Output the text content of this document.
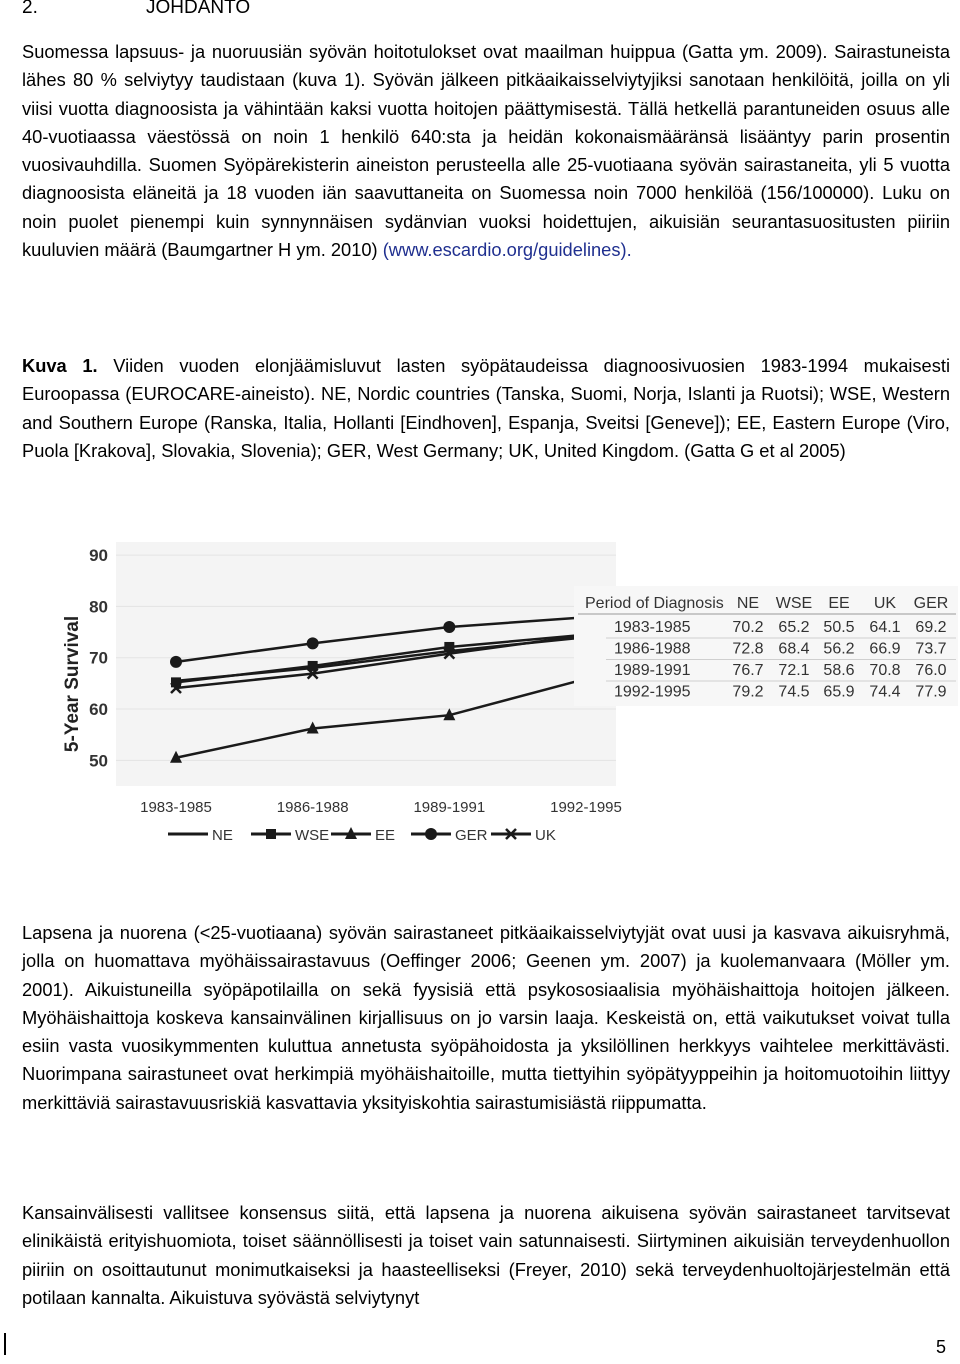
2.	JOHDANTO

Suomessa lapsuus- ja nuoruusiän syövän hoitotulokset ovat maailman huippua (Gatta ym. 2009). Sairastuneista lähes 80 % selviytyy taudistaan (kuva 1). Syövän jälkeen pitkäaikaisselviytyjiksi sanotaan henkilöitä, joilla on yli viisi vuotta diagnoosista ja vähintään kaksi vuotta hoitojen päättymisestä. Tällä hetkellä parantuneiden osuus alle 40-vuotiaassa väestössä on noin 1 henkilö 640:sta ja heidän kokonaismääränsä lisääntyy parin prosentin vuosivauhdilla. Suomen Syöpärekisterin aineiston perusteella alle 25-vuotiaana syövän sairastaneita, yli 5 vuotta diagnoosista eläneitä ja 18 vuoden iän saavuttaneita on Suomessa noin 7000 henkilöä (156/100000). Luku on noin puolet pienempi kuin synnynnäisen sydänvian vuoksi hoidettujen, aikuisiän seurantasuositusten piiriin kuuluvien määrä (Baumgartner H ym. 2010) (www.escardio.org/guidelines).

Kuva 1. Viiden vuoden elonjäämisluvut lasten syöpätaudeissa diagnoosivuosien 1983-1994 mukaisesti Euroopassa (EUROCARE-aineisto). NE, Nordic countries (Tanska, Suomi, Norja, Islanti ja Ruotsi); WSE, Western and Southern Europe (Ranska, Italia, Hollanti [Eindhoven], Espanja, Sveitsi [Geneve]); EE, Eastern Europe (Viro, Puola [Krakova], Slovakia, Slovenia); GER, West Germany; UK, United Kingdom. (Gatta G et al 2005)

50
60
70
80
90
5-Year Survival
1983-1985	1986-1988	1989-1991	1992-1995
NE	WSE	EE	GER	UK
Period of Diagnosis NE WSE EE UK GER
1983-1985	70.2 65.2 50.5 64.1 69.2
1986-1988	72.8 68.4 56.2 66.9 73.7
1989-1991	76.7 72.1 58.6 70.8 76.0
1992-1995	79.2 74.5 65.9 74.4 77.9

Lapsena ja nuorena (<25-vuotiaana) syövän sairastaneet pitkäaikaisselviytyjät ovat uusi ja kasvava aikuisryhmä, jolla on huomattava myöhäissairastavuus (Oeffinger 2006; Geenen ym. 2007) ja kuolemanvaara (Möller ym. 2001). Aikuistuneilla syöpäpotilailla on sekä fyysisiä että psykososiaalisia myöhäishaittoja hoitojen jälkeen. Myöhäishaittoja koskeva kansainvälinen kirjallisuus on jo varsin laaja. Keskeistä on, että vaikutukset voivat tulla esiin vasta vuosikymmenten kuluttua annetusta syöpähoidosta ja yksilöllinen herkkyys vaihtelee merkittävästi. Nuorimpana sairastuneet ovat herkimpiä myöhäishaitoille, mutta tiettyihin syöpätyyppeihin ja hoitomuotoihin liittyy merkittäviä sairastavuusriskiä kasvattavia yksityiskohtia sairastumisiästä riippumatta.

Kansainvälisesti vallitsee konsensus siitä, että lapsena ja nuorena aikuisena syövän sairastaneet tarvitsevat elinikäistä erityishuomiota, toiset säännöllisesti ja toiset vain satunnaisesti. Siirtyminen aikuisiän terveydenhuollon piiriin on osoittautunut monimutkaiseksi ja haasteelliseksi (Freyer, 2010) sekä terveydenhuoltojärjestelmän että potilaan kannalta. Aikuistuva syövästä selviytynyt

5
